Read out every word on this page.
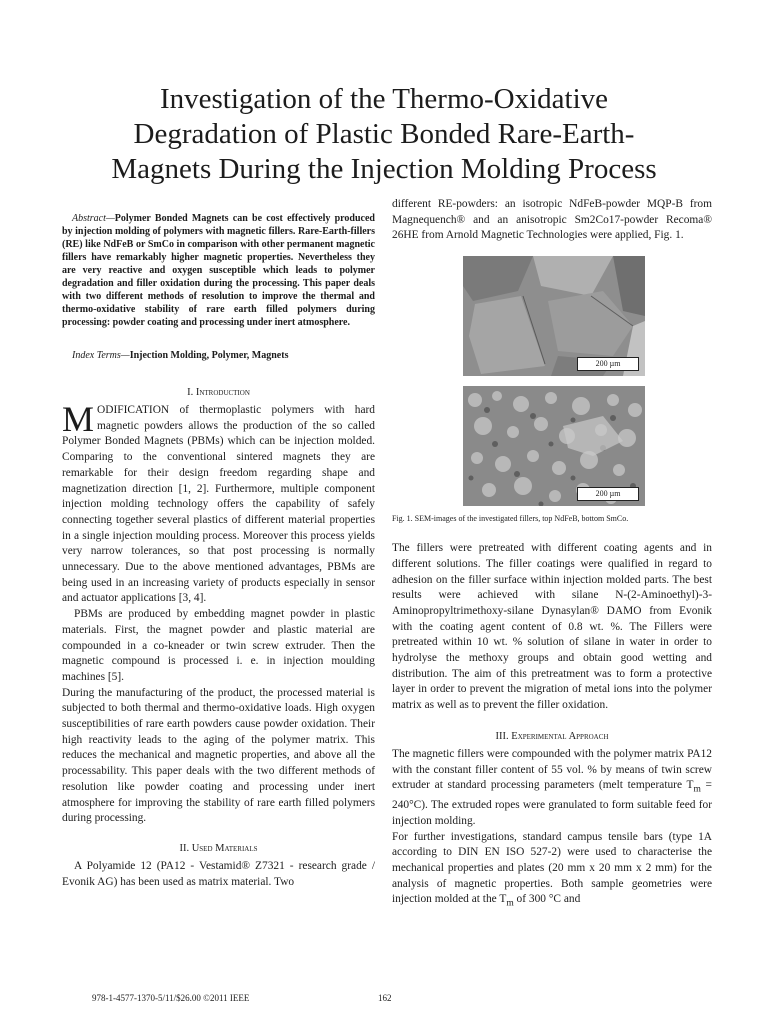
Investigation of the Thermo-Oxidative
Degradation of Plastic Bonded Rare-Earth-
Magnets During the Injection Molding Process

Abstract—Polymer Bonded Magnets can be cost effectively produced by injection molding of polymers with magnetic fillers. Rare-Earth-fillers (RE) like NdFeB or SmCo in comparison with other permanent magnetic fillers have remarkably higher magnetic properties. Nevertheless they are very reactive and oxygen susceptible which leads to polymer degradation and filler oxidation during the processing. This paper deals with two different methods of resolution to improve the thermal and thermo-oxidative stability of rare earth filled polymers during processing: powder coating and processing under inert atmosphere.

Index Terms—Injection Molding, Polymer, Magnets

I. Introduction

MODIFICATION of thermoplastic polymers with hard magnetic powders allows the production of the so called Polymer Bonded Magnets (PBMs) which can be injection molded. Comparing to the conventional sintered magnets they are remarkable for their design freedom regarding shape and magnetization direction [1, 2]. Furthermore, multiple component injection molding technology offers the capability of safely connecting together several plastics of different material properties in a single injection moulding process. Moreover this process yields very narrow tolerances, so that post processing is normally unnecessary. Due to the above mentioned advantages, PBMs are being used in an increasing variety of products especially in sensor and actuator applications [3, 4].

PBMs are produced by embedding magnet powder in plastic materials. First, the magnet powder and plastic material are compounded in a co-kneader or twin screw extruder. Then the magnetic compound is processed i. e. in injection moulding machines [5].

During the manufacturing of the product, the processed material is subjected to both thermal and thermo-oxidative loads. High oxygen susceptibilities of rare earth powders cause powder oxidation. Their high reactivity leads to the aging of the polymer matrix. This reduces the mechanical and magnetic properties, and above all the processability. This paper deals with the two different methods of resolution like powder coating and processing under inert atmosphere for improving the stability of rare earth filled polymers during processing.

II. Used Materials

A Polyamide 12 (PA12 - Vestamid® Z7321 - research grade / Evonik AG) has been used as matrix material. Two

different RE-powders: an isotropic NdFeB-powder MQP-B from Magnequench® and an anisotropic Sm2Co17-powder Recoma® 26HE from Arnold Magnetic Technologies were applied, Fig. 1.

200 µm
200 µm

Fig. 1. SEM-images of the investigated fillers, top NdFeB, bottom SmCo.

The fillers were pretreated with different coating agents and in different solutions. The filler coatings were qualified in regard to adhesion on the filler surface within injection molded parts. The best results were achieved with silane N-(2-Aminoethyl)-3-Aminopropyltrimethoxy-silane Dynasylan® DAMO from Evonik with the coating agent content of 0.8 wt. %. The Fillers were pretreated within 10 wt. % solution of silane in water in order to hydrolyse the methoxy groups and obtain good wetting and distribution. The aim of this pretreatment was to form a protective layer in order to prevent the migration of metal ions into the polymer matrix as well as to prevent the filler oxidation.

III. Experimental Approach

The magnetic fillers were compounded with the polymer matrix PA12 with the constant filler content of 55 vol. % by means of twin screw extruder at standard processing parameters (melt temperature $T_m = 240^\circ C$). The extruded ropes were granulated to form suitable feed for injection molding.

For further investigations, standard campus tensile bars (type 1A according to DIN EN ISO 527-2) were used to characterise the mechanical properties and plates (20 mm x 20 mm x 2 mm) for the analysis of magnetic properties. Both sample geometries were injection molded at the $T_m$ of 300 °C and

978-1-4577-1370-5/11/$26.00 ©2011 IEEE	162
